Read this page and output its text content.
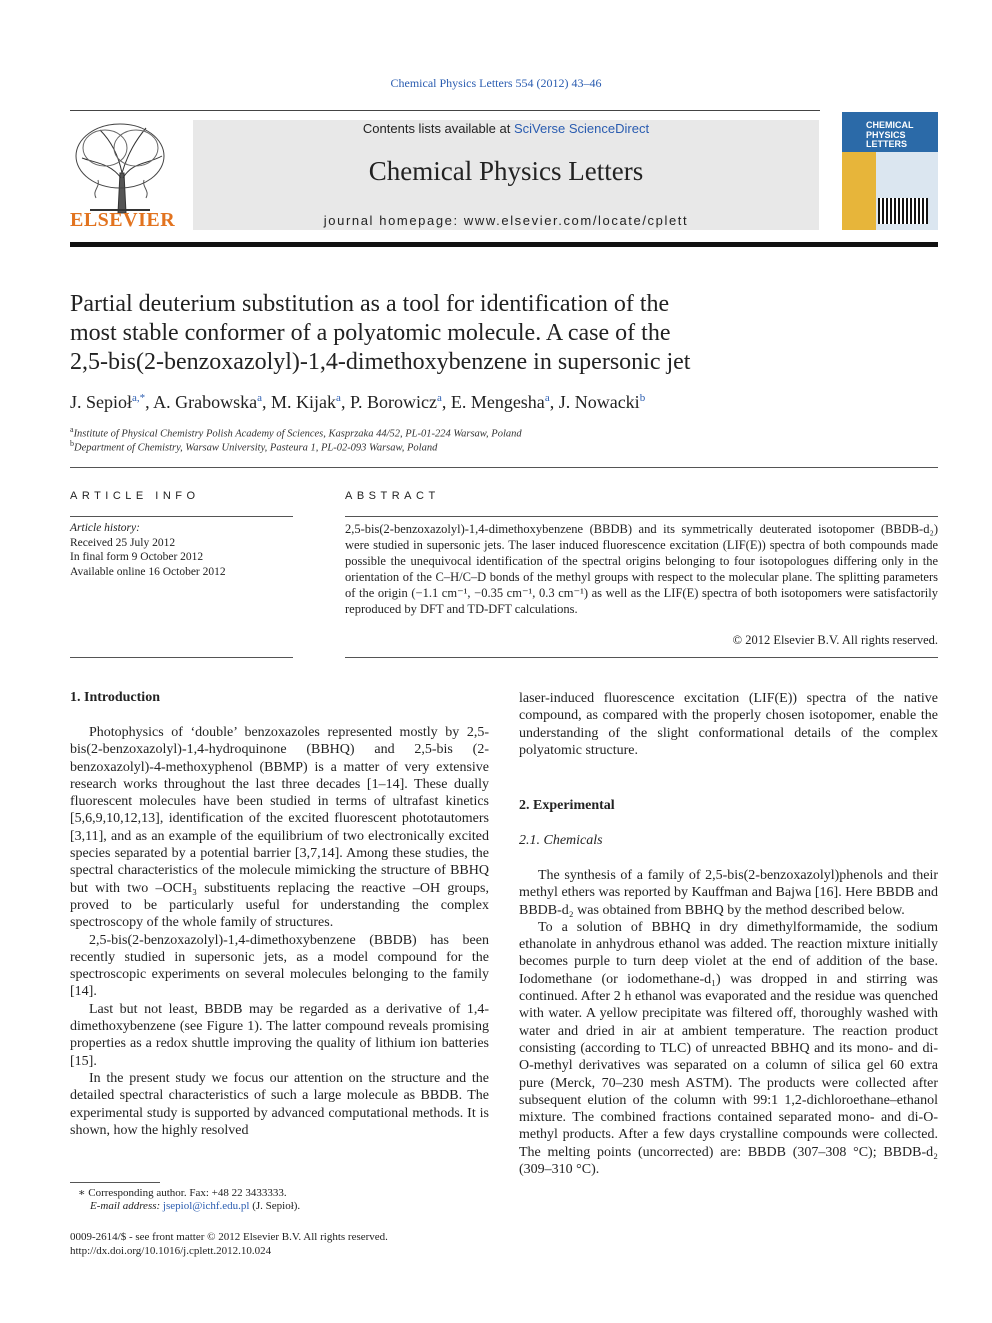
Chemical Physics Letters 554 (2012) 43–46
ELSEVIER
Contents lists available at SciVerse ScienceDirect
Chemical Physics Letters
journal homepage: www.elsevier.com/locate/cplett
CHEMICAL
PHYSICS
LETTERS
Partial deuterium substitution as a tool for identification of the
most stable conformer of a polyatomic molecule. A case of the
2,5-bis(2-benzoxazolyl)-1,4-dimethoxybenzene in supersonic jet
J. Sepioł$^{a,*}$, A. Grabowska$^a$, M. Kijak$^a$, P. Borowicz$^a$, E. Mengesha$^a$, J. Nowacki$^b$
$^a$Institute of Physical Chemistry Polish Academy of Sciences, Kasprzaka 44/52, PL-01-224 Warsaw, Poland
$^b$Department of Chemistry, Warsaw University, Pasteura 1, PL-02-093 Warsaw, Poland
ARTICLE INFO
Article history:
Received 25 July 2012
In final form 9 October 2012
Available online 16 October 2012
ABSTRACT
2,5-bis(2-benzoxazolyl)-1,4-dimethoxybenzene (BBDB) and its symmetrically deuterated isotopomer (BBDB-d₂) were studied in supersonic jets. The laser induced fluorescence excitation (LIF(E)) spectra of both compounds made possible the unequivocal identification of the spectral origins belonging to four isotopologues differing only in the orientation of the C–H/C–D bonds of the methyl groups with respect to the molecular plane. The splitting parameters of the origin (−1.1 cm⁻¹, −0.35 cm⁻¹, 0.3 cm⁻¹) as well as the LIF(E) spectra of both isotopomers were satisfactorily reproduced by DFT and TD-DFT calculations.
© 2012 Elsevier B.V. All rights reserved.
1. Introduction

Photophysics of ‘double’ benzoxazoles represented mostly by 2,5-bis(2-benzoxazolyl)-1,4-hydroquinone (BBHQ) and 2,5-bis (2-benzoxazolyl)-4-methoxyphenol (BBMP) is a matter of very extensive research works throughout the last three decades [1–14]. These dually fluorescent molecules have been studied in terms of ultrafast kinetics [5,6,9,10,12,13], identification of the excited fluorescent phototautomers [3,11], and as an example of the equilibrium of two electronically excited species separated by a potential barrier [3,7,14]. Among these studies, the spectral characteristics of the molecule mimicking the structure of BBHQ but with two –OCH₃ substituents replacing the reactive –OH groups, proved to be particularly useful for understanding the complex spectroscopy of the whole family of structures.

2,5-bis(2-benzoxazolyl)-1,4-dimethoxybenzene (BBDB) has been recently studied in supersonic jets, as a model compound for the spectroscopic experiments on several molecules belonging to the family [14].

Last but not least, BBDB may be regarded as a derivative of 1,4-dimethoxybenzene (see Figure 1). The latter compound reveals promising properties as a redox shuttle improving the quality of lithium ion batteries [15].

In the present study we focus our attention on the structure and the detailed spectral characteristics of such a large molecule as BBDB. The experimental study is supported by advanced computational methods. It is shown, how the highly resolved

laser-induced fluorescence excitation (LIF(E)) spectra of the native compound, as compared with the properly chosen isotopomer, enable the understanding of the slight conformational details of the complex polyatomic structure.

2. Experimental
2.1. Chemicals

The synthesis of a family of 2,5-bis(2-benzoxazolyl)phenols and their methyl ethers was reported by Kauffman and Bajwa [16]. Here BBDB and BBDB-d₂ was obtained from BBHQ by the method described below.

To a solution of BBHQ in dry dimethylformamide, the sodium ethanolate in anhydrous ethanol was added. The reaction mixture initially becomes purple to turn deep violet at the end of addition of the base. Iodomethane (or iodomethane-d₁) was dropped in and stirring was continued. After 2 h ethanol was evaporated and the residue was quenched with water. A yellow precipitate was filtered off, thoroughly washed with water and dried in air at ambient temperature. The reaction product consisting (according to TLC) of unreacted BBHQ and its mono- and di-O-methyl derivatives was separated on a column of silica gel 60 extra pure (Merck, 70–230 mesh ASTM). The products were collected after subsequent elution of the column with 99:1 1,2-dichloroethane–ethanol mixture. The combined fractions contained separated mono- and di-O-methyl products. After a few days crystalline compounds were collected. The melting points (uncorrected) are: BBDB (307–308 °C); BBDB-d₂ (309–310 °C).

∗ Corresponding author. Fax: +48 22 3433333.
E-mail address: jsepiol@ichf.edu.pl (J. Sepioł).
0009-2614/$ - see front matter © 2012 Elsevier B.V. All rights reserved.
http://dx.doi.org/10.1016/j.cplett.2012.10.024
